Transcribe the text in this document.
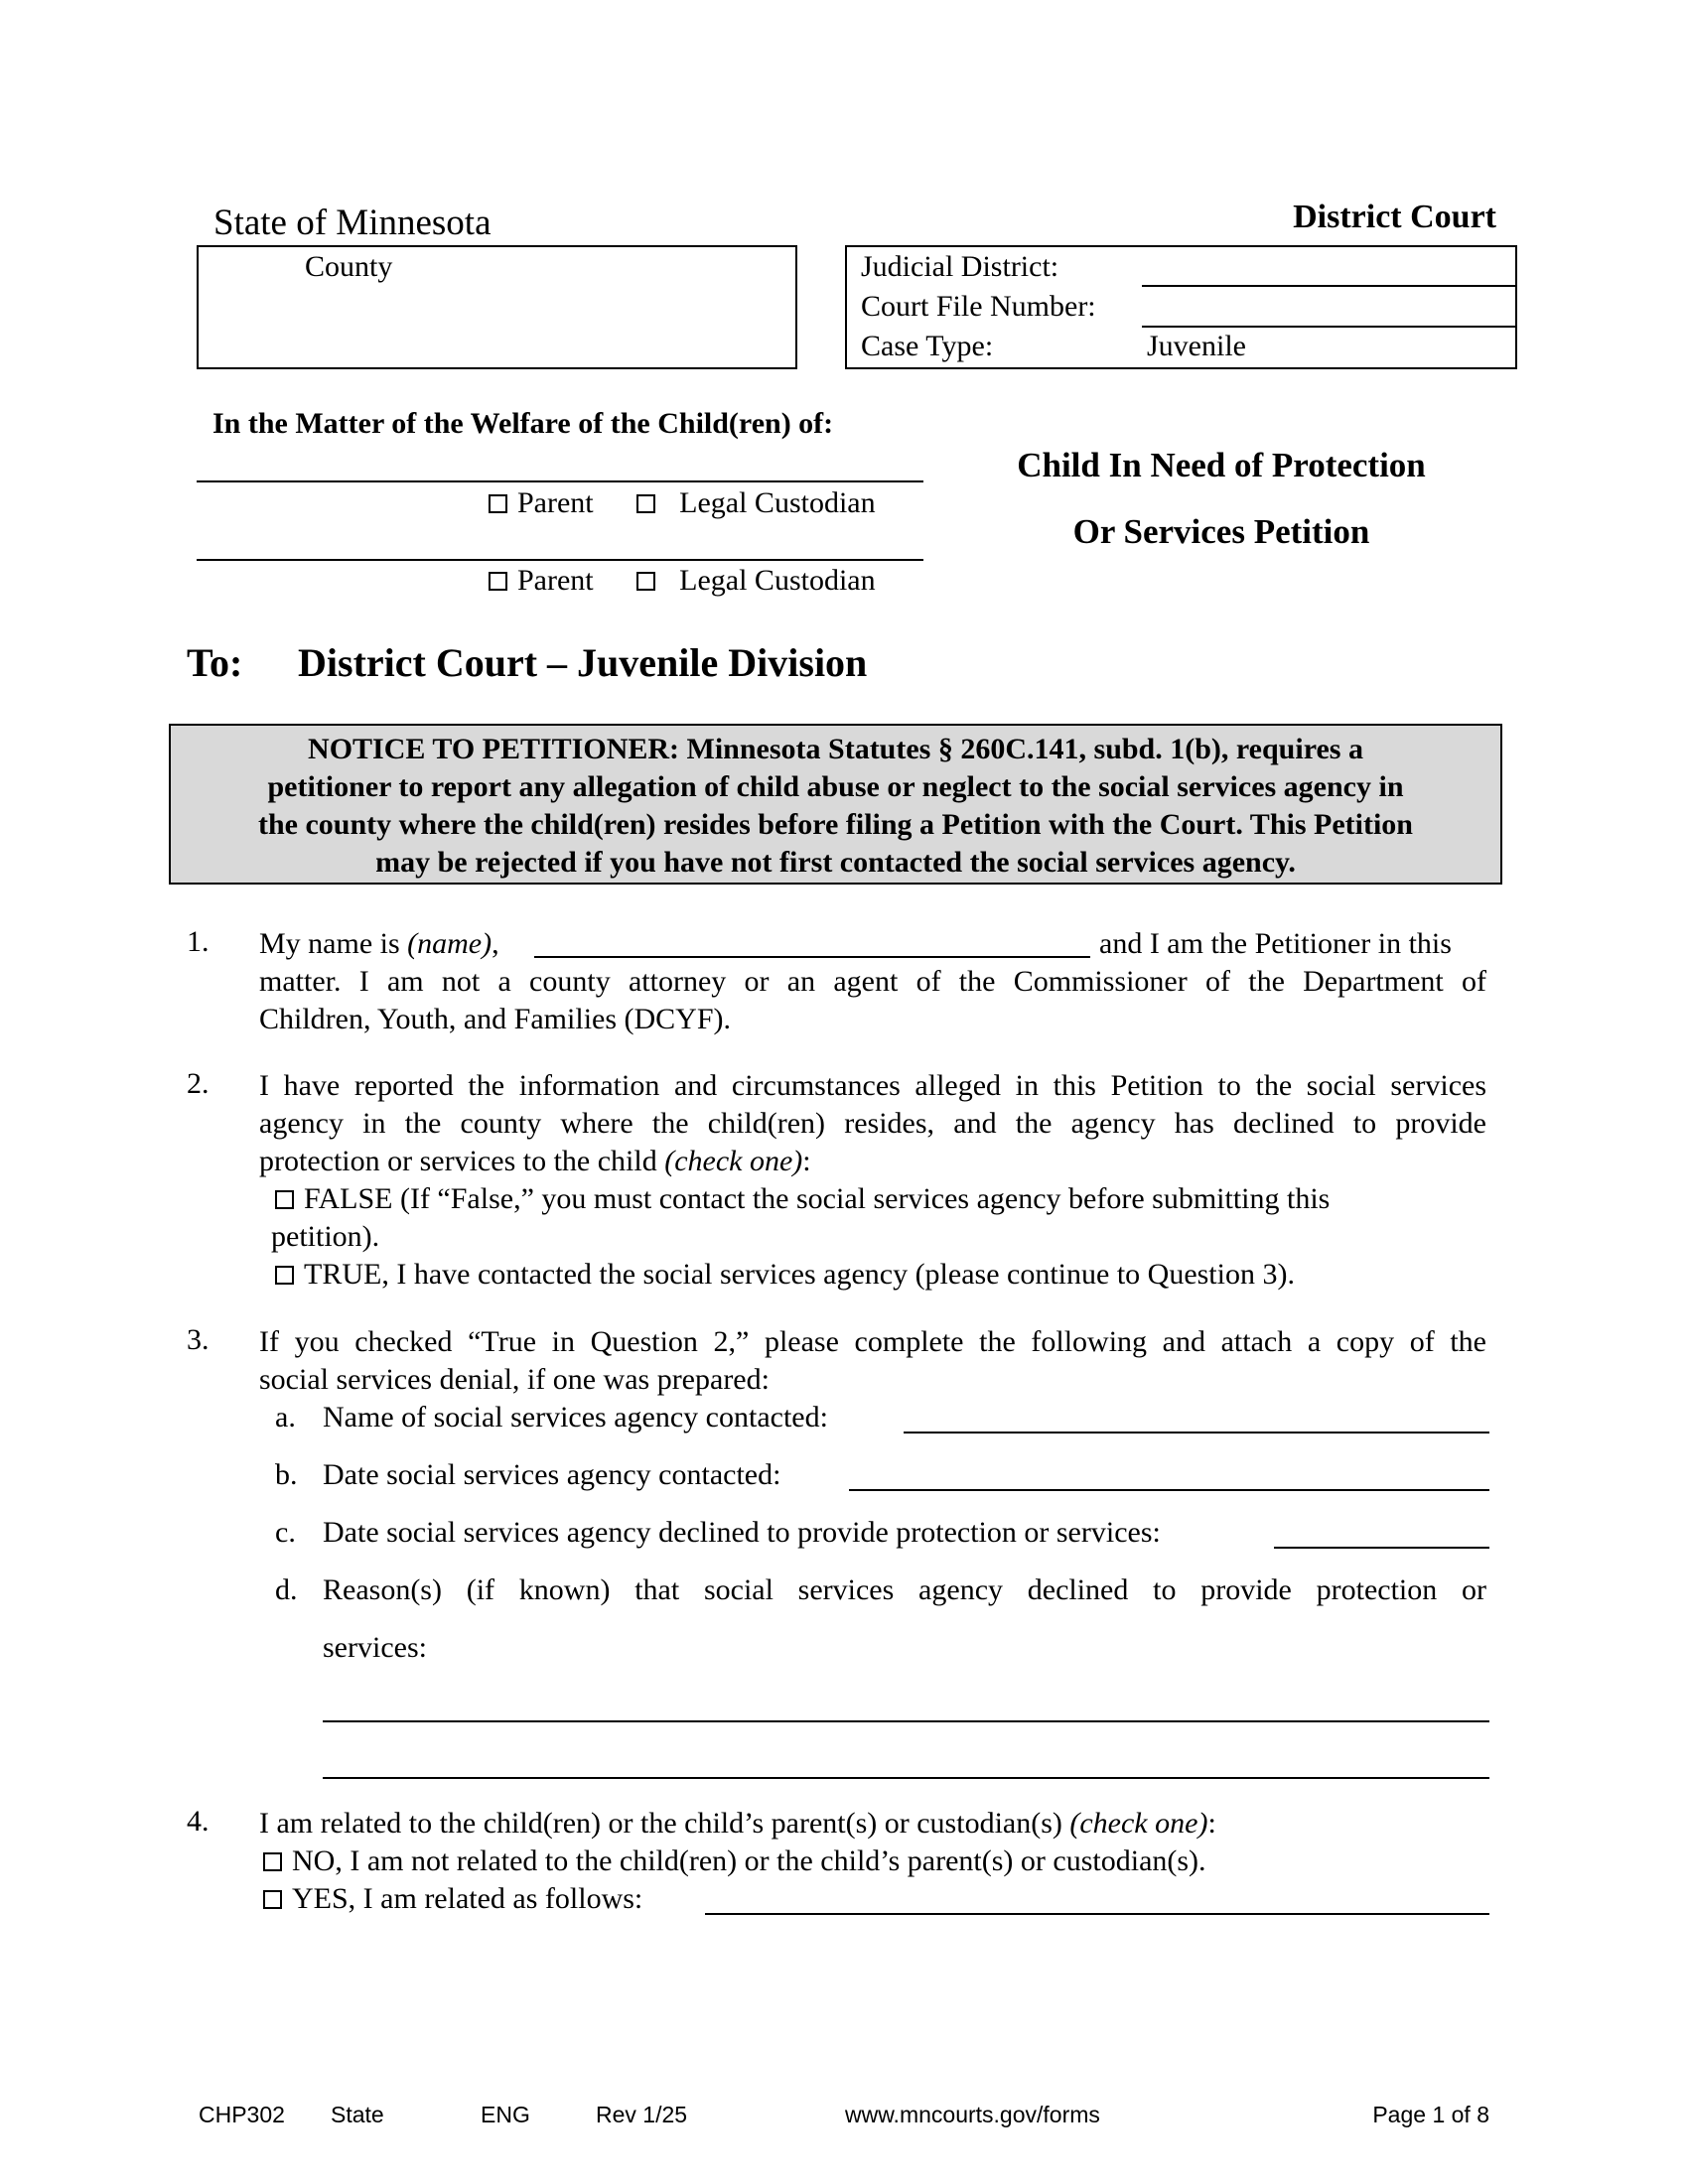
State of Minnesota	District Court
County	Judicial District:
Court File Number:
Case Type:	Juvenile
In the Matter of the Welfare of the Child(ren) of:
Parent	Legal Custodian
Parent	Legal Custodian
Child In Need of Protection
Or Services Petition
To: District Court – Juvenile Division
NOTICE TO PETITIONER: Minnesota Statutes § 260C.141, subd. 1(b), requires a
petitioner to report any allegation of child abuse or neglect to the social services agency in
the county where the child(ren) resides before filing a Petition with the Court. This Petition
may be rejected if you have not first contacted the social services agency.
1. My name is (name),	and I am the Petitioner in this
matter. I am not a county attorney or an agent of the Commissioner of the Department of
Children, Youth, and Families (DCYF).
2. I have reported the information and circumstances alleged in this Petition to the social services
agency in the county where the child(ren) resides, and the agency has declined to provide
protection or services to the child (check one):
FALSE (If “False,” you must contact the social services agency before submitting this
petition).
TRUE, I have contacted the social services agency (please continue to Question 3).
3. If you checked “True in Question 2,” please complete the following and attach a copy of the
social services denial, if one was prepared:
a. Name of social services agency contacted:
b. Date social services agency contacted:
c. Date social services agency declined to provide protection or services:
d. Reason(s) (if known) that social services agency declined to provide protection or
services:
4. I am related to the child(ren) or the child’s parent(s) or custodian(s) (check one):
NO, I am not related to the child(ren) or the child’s parent(s) or custodian(s).
YES, I am related as follows:
CHP302 State	ENG	Rev 1/25	www.mncourts.gov/forms	Page 1 of 8
